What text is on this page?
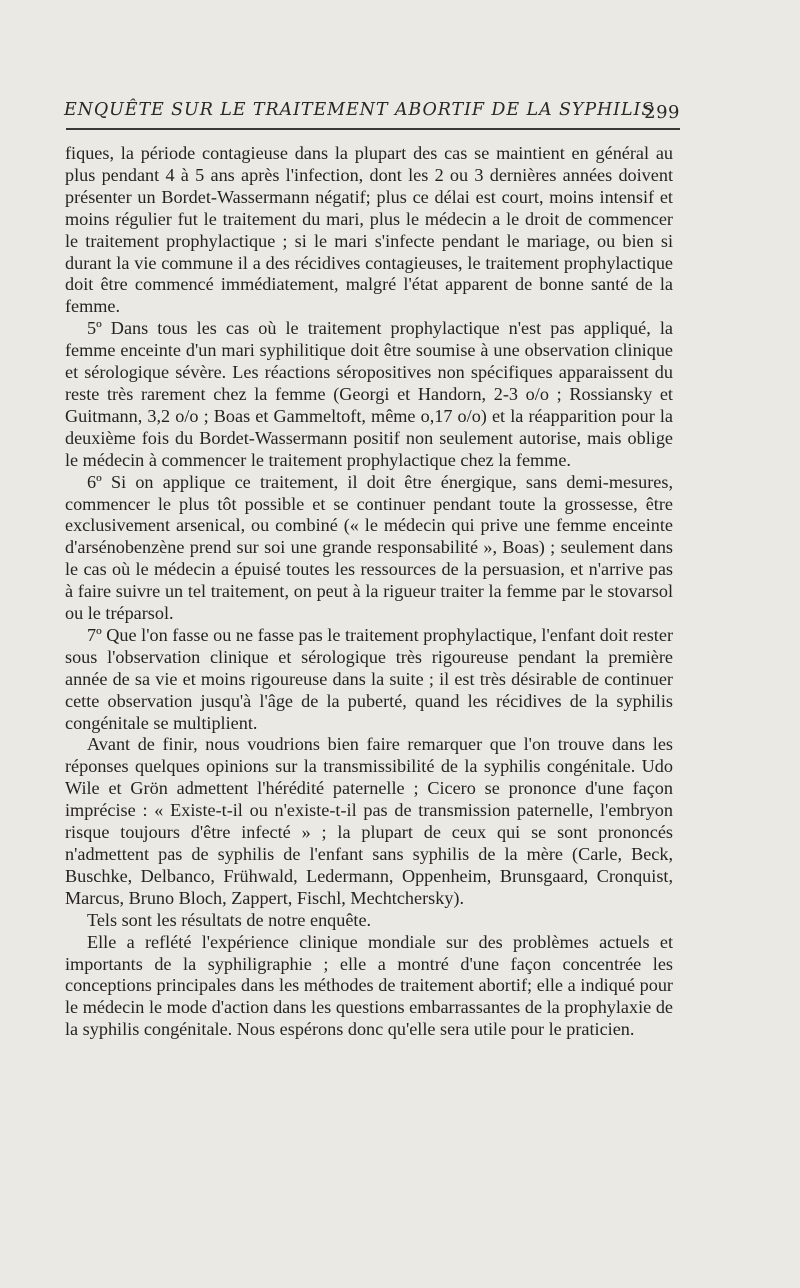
ENQUÊTE SUR LE TRAITEMENT ABORTIF DE LA SYPHILIS
299

fiques, la période contagieuse dans la plupart des cas se maintient en général au plus pendant 4 à 5 ans après l'infection, dont les 2 ou 3 dernières années doivent présenter un Bordet-Wassermann négatif; plus ce délai est court, moins intensif et moins régulier fut le traitement du mari, plus le médecin a le droit de commencer le traitement prophylactique ; si le mari s'infecte pendant le mariage, ou bien si durant la vie commune il a des récidives contagieuses, le traitement prophylactique doit être commencé immédiatement, malgré l'état apparent de bonne santé de la femme.

5º Dans tous les cas où le traitement prophylactique n'est pas appliqué, la femme enceinte d'un mari syphilitique doit être soumise à une observation clinique et sérologique sévère. Les réactions séropositives non spécifiques apparaissent du reste très rarement chez la femme (Georgi et Handorn, 2-3 o/o ; Rossiansky et Guitmann, 3,2 o/o ; Boas et Gammeltoft, même o,17 o/o) et la réapparition pour la deuxième fois du Bordet-Wassermann positif non seulement autorise, mais oblige le médecin à commencer le traitement prophylactique chez la femme.

6º Si on applique ce traitement, il doit être énergique, sans demi-mesures, commencer le plus tôt possible et se continuer pendant toute la grossesse, être exclusivement arsenical, ou combiné (« le médecin qui prive une femme enceinte d'arsénobenzène prend sur soi une grande responsabilité », Boas) ; seulement dans le cas où le médecin a épuisé toutes les ressources de la persuasion, et n'arrive pas à faire suivre un tel traitement, on peut à la rigueur traiter la femme par le stovarsol ou le tréparsol.

7º Que l'on fasse ou ne fasse pas le traitement prophylactique, l'enfant doit rester sous l'observation clinique et sérologique très rigoureuse pendant la première année de sa vie et moins rigoureuse dans la suite ; il est très désirable de continuer cette observation jusqu'à l'âge de la puberté, quand les récidives de la syphilis congénitale se multiplient.

Avant de finir, nous voudrions bien faire remarquer que l'on trouve dans les réponses quelques opinions sur la transmissibilité de la syphilis congénitale. Udo Wile et Grön admettent l'hérédité paternelle ; Cicero se prononce d'une façon imprécise : « Existe-t-il ou n'existe-t-il pas de transmission paternelle, l'embryon risque toujours d'être infecté » ; la plupart de ceux qui se sont prononcés n'admettent pas de syphilis de l'enfant sans syphilis de la mère (Carle, Beck, Buschke, Delbanco, Frühwald, Ledermann, Oppenheim, Brunsgaard, Cronquist, Marcus, Bruno Bloch, Zappert, Fischl, Mechtchersky).

Tels sont les résultats de notre enquête.

Elle a reflété l'expérience clinique mondiale sur des problèmes actuels et importants de la syphiligraphie ; elle a montré d'une façon concentrée les conceptions principales dans les méthodes de traitement abortif; elle a indiqué pour le médecin le mode d'action dans les questions embarrassantes de la prophylaxie de la syphilis congénitale. Nous espérons donc qu'elle sera utile pour le praticien.
